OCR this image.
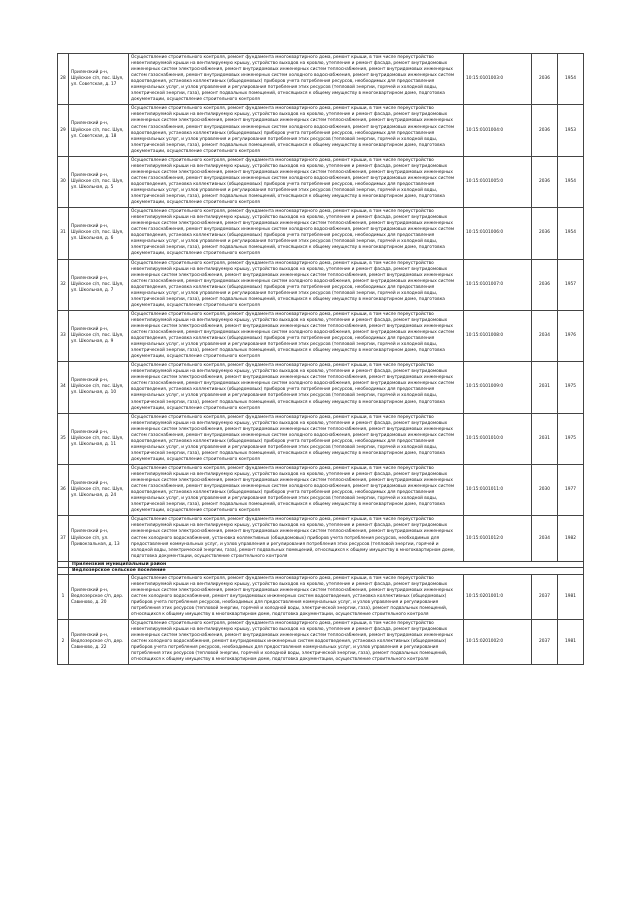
28	Прилензкий р-н, Шуйское с/п, пос. Шуя, ул. Советская, д. 17	Осуществление строительного контроля, ремонт фундамента многоквартирного дома, ремонт крыши, в том числе переустройство невентилируемой крыши на вентилируемую крышу, устройство выходов на кровлю, утепление и ремонт фасада, ремонт внутридомовых инженерных систем электроснабжения, ремонт внутридомовых инженерных систем теплоснабжения, ремонт внутридомовых инженерных систем газоснабжения, ремонт внутридомовых инженерных систем холодного водоснабжения, ремонт внутридомовых инженерных систем водоотведения, установка коллективных (общедомовых) приборов учета потребления ресурсов, необходимых для предоставления коммунальных услуг, и узлов управления и регулирования потребления этих ресурсов (тепловой энергии, горячей и холодной воды, электрической энергии, газа), ремонт подвальных помещений, относящихся к общему имуществу в многоквартирном доме, подготовка документации, осуществление строительного контроля	10:15:0101003:0	2036	1954
29	Прилензкий р-н, Шуйское с/п, пос. Шуя, ул. Советская, д. 18	Осуществление строительного контроля, ремонт фундамента многоквартирного дома, ремонт крыши, в том числе переустройство невентилируемой крыши на вентилируемую крышу, устройство выходов на кровлю, утепление и ремонт фасада, ремонт внутридомовых инженерных систем электроснабжения, ремонт внутридомовых инженерных систем теплоснабжения, ремонт внутридомовых инженерных систем газоснабжения, ремонт внутридомовых инженерных систем холодного водоснабжения, ремонт внутридомовых инженерных систем водоотведения, установка коллективных (общедомовых) приборов учета потребления ресурсов, необходимых для предоставления коммунальных услуг, и узлов управления и регулирования потребления этих ресурсов (тепловой энергии, горячей и холодной воды, электрической энергии, газа), ремонт подвальных помещений, относящихся к общему имуществу в многоквартирном доме, подготовка документации, осуществление строительного контроля	10:15:0101004:0	2036	1953
30	Прилензкий р-н, Шуйское с/п, пос. Шуя, ул. Школьная, д. 5	Осуществление строительного контроля, ремонт фундамента многоквартирного дома, ремонт крыши, в том числе переустройство невентилируемой крыши на вентилируемую крышу, устройство выходов на кровлю, утепление и ремонт фасада, ремонт внутридомовых инженерных систем электроснабжения, ремонт внутридомовых инженерных систем теплоснабжения, ремонт внутридомовых инженерных систем газоснабжения, ремонт внутридомовых инженерных систем холодного водоснабжения, ремонт внутридомовых инженерных систем водоотведения, установка коллективных (общедомовых) приборов учета потребления ресурсов, необходимых для предоставления коммунальных услуг, и узлов управления и регулирования потребления этих ресурсов (тепловой энергии, горячей и холодной воды, электрической энергии, газа), ремонт подвальных помещений, относящихся к общему имуществу в многоквартирном доме, подготовка документации, осуществление строительного контроля	10:15:0101005:0	2036	1954
31	Прилензкий р-н, Шуйское с/п, пос. Шуя, ул. Школьная, д. 6	Осуществление строительного контроля, ремонт фундамента многоквартирного дома, ремонт крыши, в том числе переустройство невентилируемой крыши на вентилируемую крышу, устройство выходов на кровлю, утепление и ремонт фасада, ремонт внутридомовых инженерных систем электроснабжения, ремонт внутридомовых инженерных систем теплоснабжения, ремонт внутридомовых инженерных систем газоснабжения, ремонт внутридомовых инженерных систем холодного водоснабжения, ремонт внутридомовых инженерных систем водоотведения, установка коллективных (общедомовых) приборов учета потребления ресурсов, необходимых для предоставления коммунальных услуг, и узлов управления и регулирования потребления этих ресурсов (тепловой энергии, горячей и холодной воды, электрической энергии, газа), ремонт подвальных помещений, относящихся к общему имуществу в многоквартирном доме, подготовка документации, осуществление строительного контроля	10:15:0101006:0	2036	1954
32	Прилензкий р-н, Шуйское с/п, пос. Шуя, ул. Школьная, д. 7	Осуществление строительного контроля, ремонт фундамента многоквартирного дома, ремонт крыши, в том числе переустройство невентилируемой крыши на вентилируемую крышу, устройство выходов на кровлю, утепление и ремонт фасада, ремонт внутридомовых инженерных систем электроснабжения, ремонт внутридомовых инженерных систем теплоснабжения, ремонт внутридомовых инженерных систем газоснабжения, ремонт внутридомовых инженерных систем холодного водоснабжения, ремонт внутридомовых инженерных систем водоотведения, установка коллективных (общедомовых) приборов учета потребления ресурсов, необходимых для предоставления коммунальных услуг, и узлов управления и регулирования потребления этих ресурсов (тепловой энергии, горячей и холодной воды, электрической энергии, газа), ремонт подвальных помещений, относящихся к общему имуществу в многоквартирном доме, подготовка документации, осуществление строительного контроля	10:15:0101007:0	2036	1957
33	Прилензкий р-н, Шуйское с/п, пос. Шуя, ул. Школьная, д. 9	Осуществление строительного контроля, ремонт фундамента многоквартирного дома, ремонт крыши, в том числе переустройство невентилируемой крыши на вентилируемую крышу, устройство выходов на кровлю, утепление и ремонт фасада, ремонт внутридомовых инженерных систем электроснабжения, ремонт внутридомовых инженерных систем теплоснабжения, ремонт внутридомовых инженерных систем газоснабжения, ремонт внутридомовых инженерных систем холодного водоснабжения, ремонт внутридомовых инженерных систем водоотведения, установка коллективных (общедомовых) приборов учета потребления ресурсов, необходимых для предоставления коммунальных услуг, и узлов управления и регулирования потребления этих ресурсов (тепловой энергии, горячей и холодной воды, электрической энергии, газа), ремонт подвальных помещений, относящихся к общему имуществу в многоквартирном доме, подготовка документации, осуществление строительного контроля	10:15:0101008:0	2034	1976
34	Прилензкий р-н, Шуйское с/п, пос. Шуя, ул. Школьная, д. 10	Осуществление строительного контроля, ремонт фундамента многоквартирного дома, ремонт крыши, в том числе переустройство невентилируемой крыши на вентилируемую крышу, устройство выходов на кровлю, утепление и ремонт фасада, ремонт внутридомовых инженерных систем электроснабжения, ремонт внутридомовых инженерных систем теплоснабжения, ремонт внутридомовых инженерных систем газоснабжения, ремонт внутридомовых инженерных систем холодного водоснабжения, ремонт внутридомовых инженерных систем водоотведения, установка коллективных (общедомовых) приборов учета потребления ресурсов, необходимых для предоставления коммунальных услуг, и узлов управления и регулирования потребления этих ресурсов (тепловой энергии, горячей и холодной воды, электрической энергии, газа), ремонт подвальных помещений, относящихся к общему имуществу в многоквартирном доме, подготовка документации, осуществление строительного контроля	10:15:0101009:0	2031	1975
35	Прилензкий р-н, Шуйское с/п, пос. Шуя, ул. Школьная, д. 11	Осуществление строительного контроля, ремонт фундамента многоквартирного дома, ремонт крыши, в том числе переустройство невентилируемой крыши на вентилируемую крышу, устройство выходов на кровлю, утепление и ремонт фасада, ремонт внутридомовых инженерных систем электроснабжения, ремонт внутридомовых инженерных систем теплоснабжения, ремонт внутридомовых инженерных систем газоснабжения, ремонт внутридомовых инженерных систем холодного водоснабжения, ремонт внутридомовых инженерных систем водоотведения, установка коллективных (общедомовых) приборов учета потребления ресурсов, необходимых для предоставления коммунальных услуг, и узлов управления и регулирования потребления этих ресурсов (тепловой энергии, горячей и холодной воды, электрической энергии, газа), ремонт подвальных помещений, относящихся к общему имуществу в многоквартирном доме, подготовка документации, осуществление строительного контроля	10:15:0101010:0	2031	1975
36	Прилензкий р-н, Шуйское с/п, пос. Шуя, ул. Школьная, д. 24	Осуществление строительного контроля, ремонт фундамента многоквартирного дома, ремонт крыши, в том числе переустройство невентилируемой крыши на вентилируемую крышу, устройство выходов на кровлю, утепление и ремонт фасада, ремонт внутридомовых инженерных систем электроснабжения, ремонт внутридомовых инженерных систем теплоснабжения, ремонт внутридомовых инженерных систем газоснабжения, ремонт внутридомовых инженерных систем холодного водоснабжения, ремонт внутридомовых инженерных систем водоотведения, установка коллективных (общедомовых) приборов учета потребления ресурсов, необходимых для предоставления коммунальных услуг, и узлов управления и регулирования потребления этих ресурсов (тепловой энергии, горячей и холодной воды, электрической энергии, газа), ремонт подвальных помещений, относящихся к общему имуществу в многоквартирном доме, подготовка документации, осуществление строительного контроля	10:15:0101011:0	2030	1977
37	Прилензкий р-н, Шуйское с/п, ул. Привокзальная, д. 13	Осуществление строительного контроля, ремонт фундамента многоквартирного дома, ремонт крыши, в том числе переустройство невентилируемой крыши на вентилируемую крышу, устройство выходов на кровлю, утепление и ремонт фасада, ремонт внутридомовых инженерных систем электроснабжения, ремонт внутридомовых инженерных систем теплоснабжения, ремонт внутридомовых инженерных систем холодного водоснабжения, установка коллективных (общедомовых) приборов учета потребления ресурсов, необходимых для предоставления коммунальных услуг, и узлов управления и регулирования потребления этих ресурсов (тепловой энергии, горячей и холодной воды, электрической энергии, газа), ремонт подвальных помещений, относящихся к общему имуществу в многоквартирном доме, подготовка документации, осуществление строительного контроля	10:15:0101012:0	2034	1982
	Прилензкий муниципальный район				
	Ведлозерское сельское поселение				
1	Прилензкий р-н, Ведлозерское с/п, дер. Савиново, д. 20	Осуществление строительного контроля, ремонт фундамента многоквартирного дома, ремонт крыши, в том числе переустройство невентилируемой крыши на вентилируемую крышу, устройство выходов на кровлю, утепление и ремонт фасада, ремонт внутридомовых инженерных систем электроснабжения, ремонт внутридомовых инженерных систем теплоснабжения, ремонт внутридомовых инженерных систем холодного водоснабжения, ремонт внутридомовых инженерных систем водоотведения, установка коллективных (общедомовых) приборов учета потребления ресурсов, необходимых для предоставления коммунальных услуг, и узлов управления и регулирования потребления этих ресурсов (тепловой энергии, горячей и холодной воды, электрической энергии, газа), ремонт подвальных помещений, относящихся к общему имуществу в многоквартирном доме, подготовка документации, осуществление строительного контроля	10:15:0201001:0	2037	1981
2	Прилензкий р-н, Ведлозерское с/п, дер. Савиново, д. 22	Осуществление строительного контроля, ремонт фундамента многоквартирного дома, ремонт крыши, в том числе переустройство невентилируемой крыши на вентилируемую крышу, устройство выходов на кровлю, утепление и ремонт фасада, ремонт внутридомовых инженерных систем электроснабжения, ремонт внутридомовых инженерных систем теплоснабжения, ремонт внутридомовых инженерных систем холодного водоснабжения, ремонт внутридомовых инженерных систем водоотведения, установка коллективных (общедомовых) приборов учета потребления ресурсов, необходимых для предоставления коммунальных услуг, и узлов управления и регулирования потребления этих ресурсов (тепловой энергии, горячей и холодной воды, электрической энергии, газа), ремонт подвальных помещений, относящихся к общему имуществу в многоквартирном доме, подготовка документации, осуществление строительного контроля	10:15:0201002:0	2037	1981
